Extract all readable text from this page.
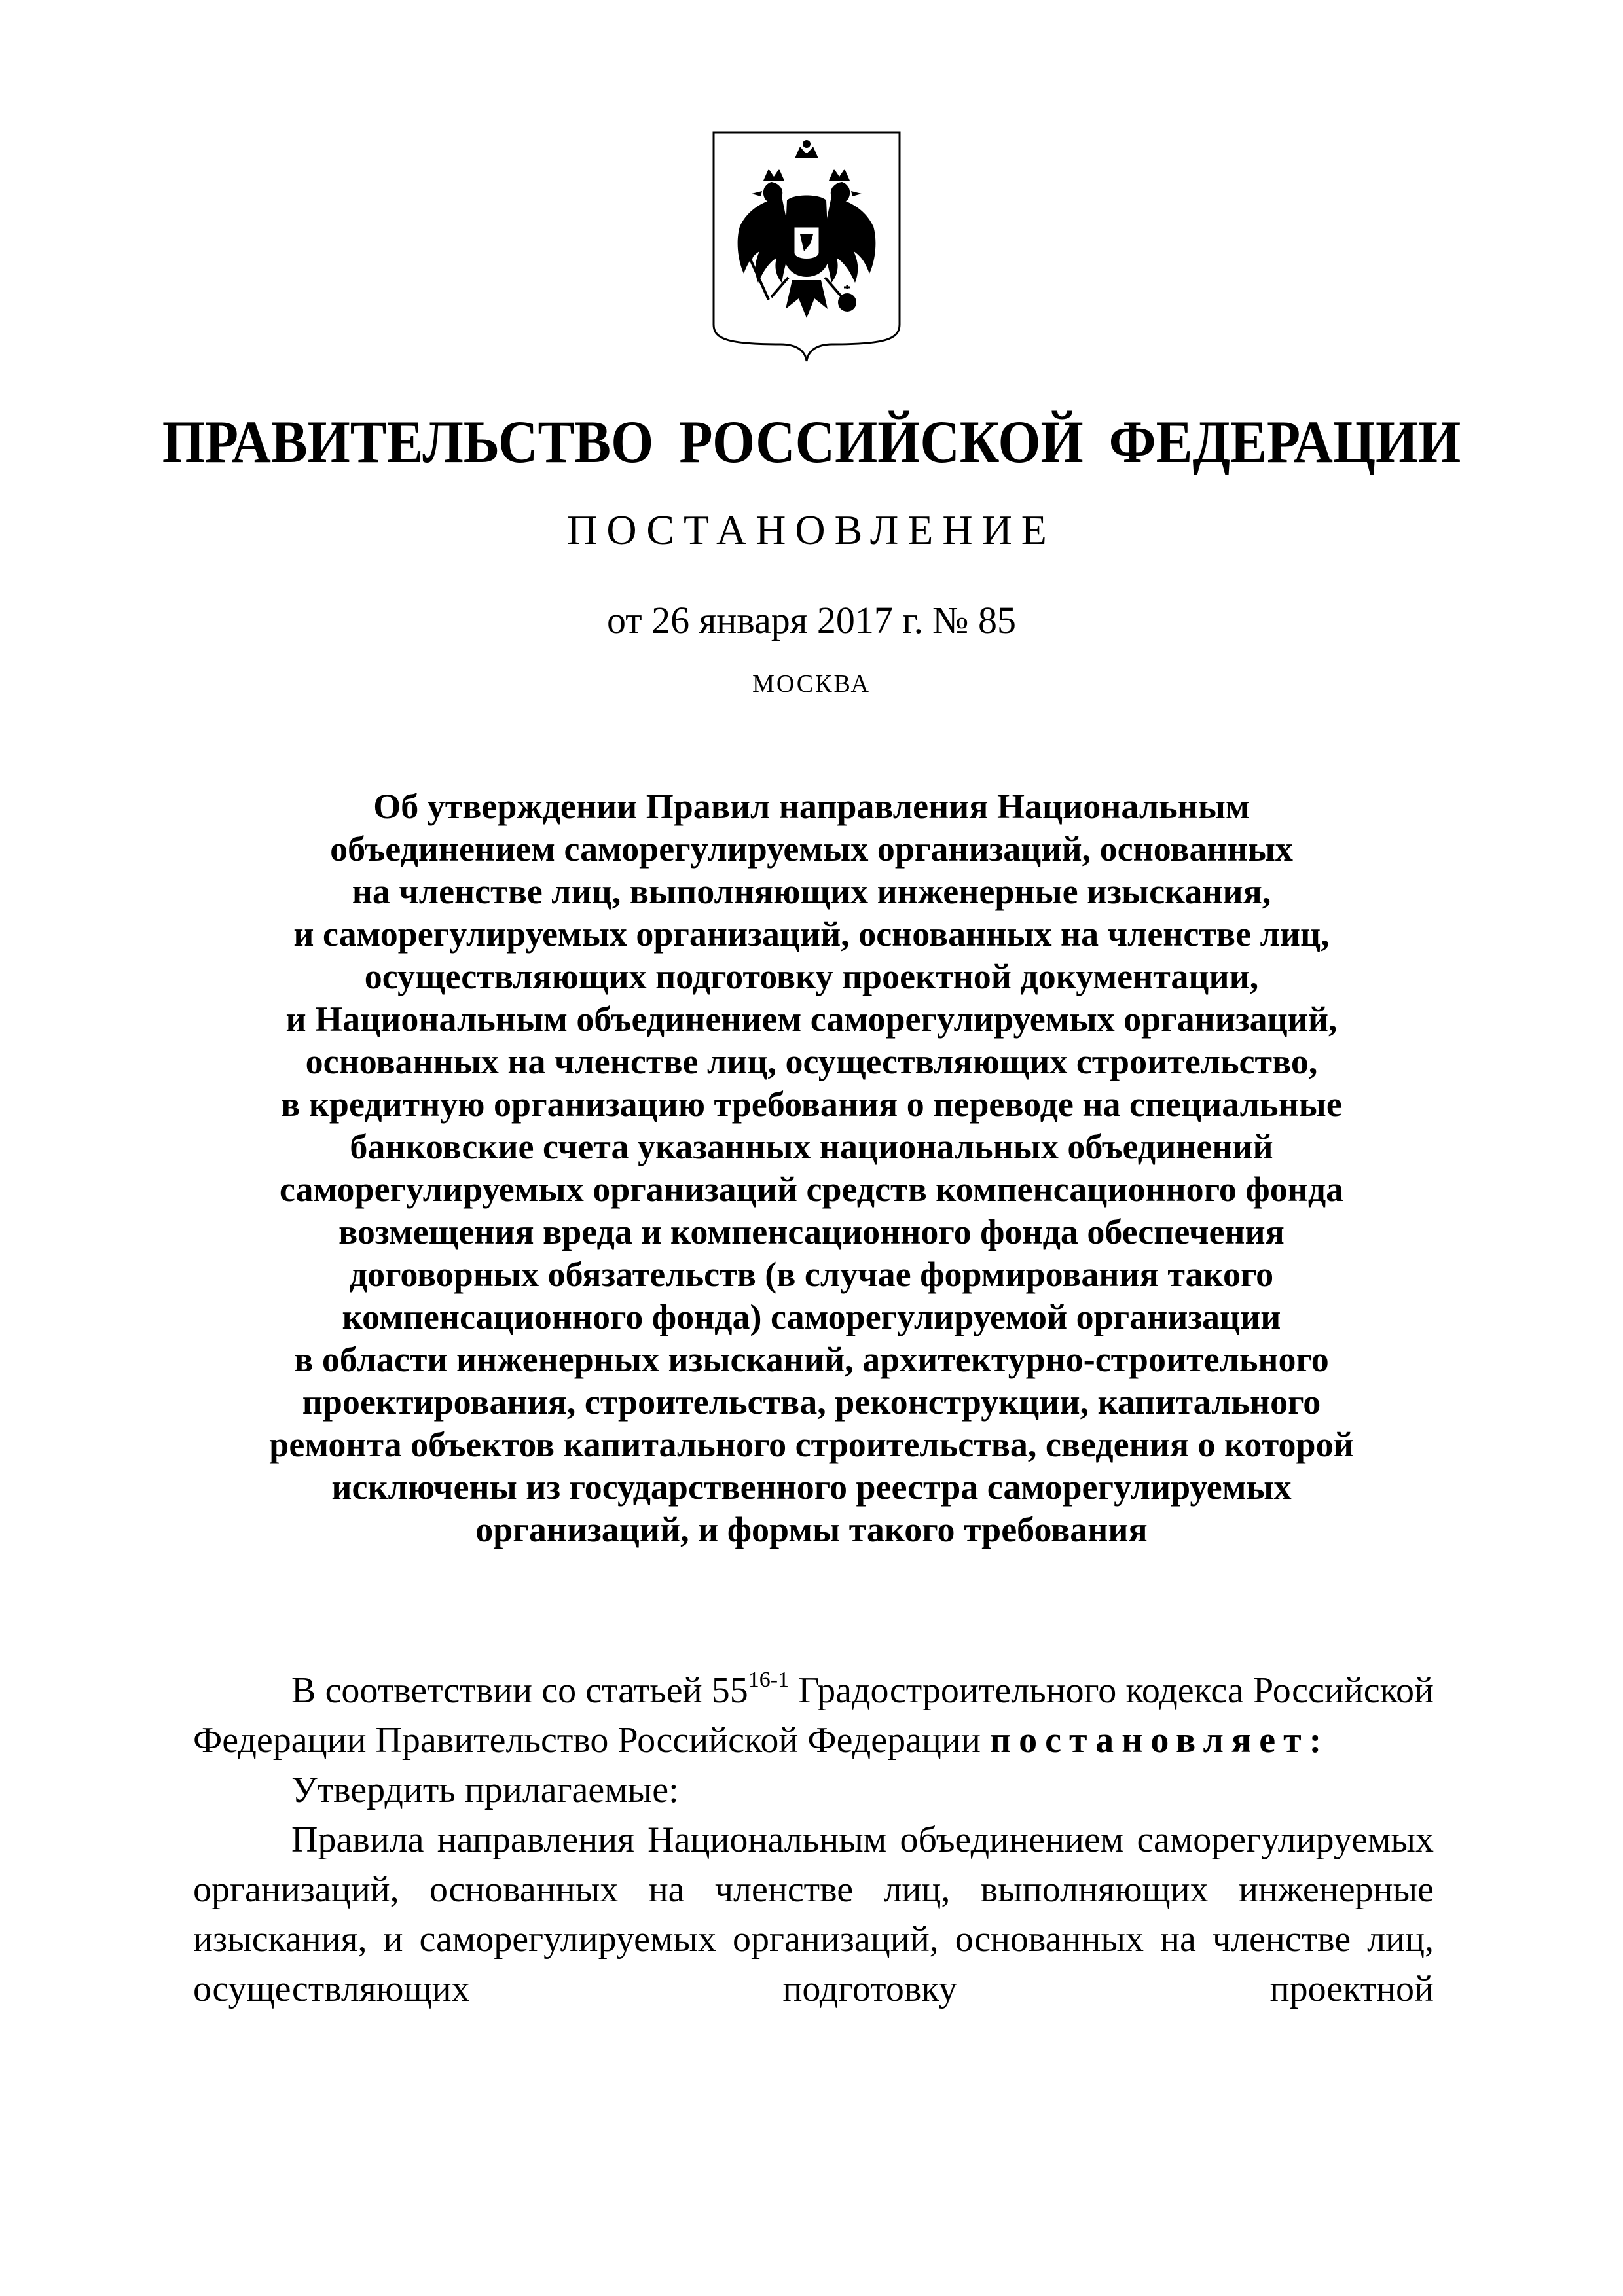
ПРАВИТЕЛЬСТВО РОССИЙСКОЙ ФЕДЕРАЦИИ
ПОСТАНОВЛЕНИЕ
от 26 января 2017 г. № 85
МОСКВА
Об утверждении Правил направления Национальным
объединением саморегулируемых организаций, основанных
на членстве лиц, выполняющих инженерные изыскания,
и саморегулируемых организаций, основанных на членстве лиц,
осуществляющих подготовку проектной документации,
и Национальным объединением саморегулируемых организаций,
основанных на членстве лиц, осуществляющих строительство,
в кредитную организацию требования о переводе на специальные
банковские счета указанных национальных объединений
саморегулируемых организаций средств компенсационного фонда
возмещения вреда и компенсационного фонда обеспечения
договорных обязательств (в случае формирования такого
компенсационного фонда) саморегулируемой организации
в области инженерных изысканий, архитектурно-строительного
проектирования, строительства, реконструкции, капитального
ремонта объектов капитального строительства, сведения о которой
исключены из государственного реестра саморегулируемых
организаций, и формы такого требования
В соответствии со статьей 55$^{16-1}$ Градостроительного кодекса Российской Федерации Правительство Российской Федерации постановляет:
Утвердить прилагаемые:
Правила направления Национальным объединением саморегулируемых организаций, основанных на членстве лиц, выполняющих инженерные изыскания, и саморегулируемых организаций, основанных на членстве лиц, осуществляющих подготовку проектной
